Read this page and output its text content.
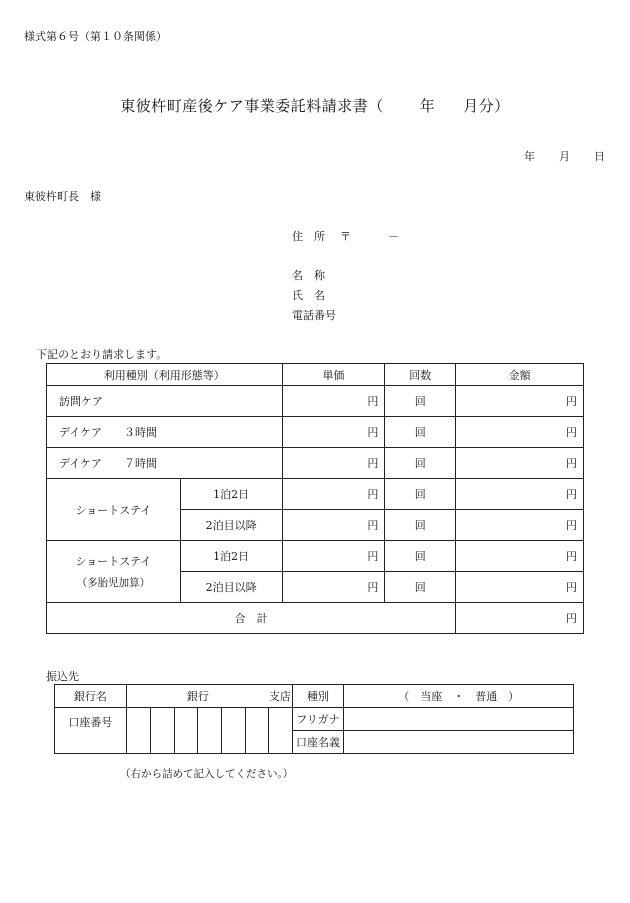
様式第６号（第１０条関係）
東彼杵町産後ケア事業委託料請求書（ 年 月分）
年 月 日
東彼杵町長　様
住　所 〒	－
名　称
氏　名
電話番号
下記のとおり請求します。
利用種別（利用形態等）		単価	回数	金額
訪問ケア		円	回	円
デイケア　　３時間		円	回	円
デイケア　　７時間		円	回	円
ショートステイ	1泊2日	円	回	円
	2泊目以降	円	回	円

ショートステイ
（多胎児加算）	1泊2日	円	回	円
	2泊目以降	円	回	円
合　計				円
振込先
銀行名	銀行 支店							種別	（　当座　・　普通　）
口座番号								フリガナ	
								口座名義	
（右から詰めて記入してください。）
